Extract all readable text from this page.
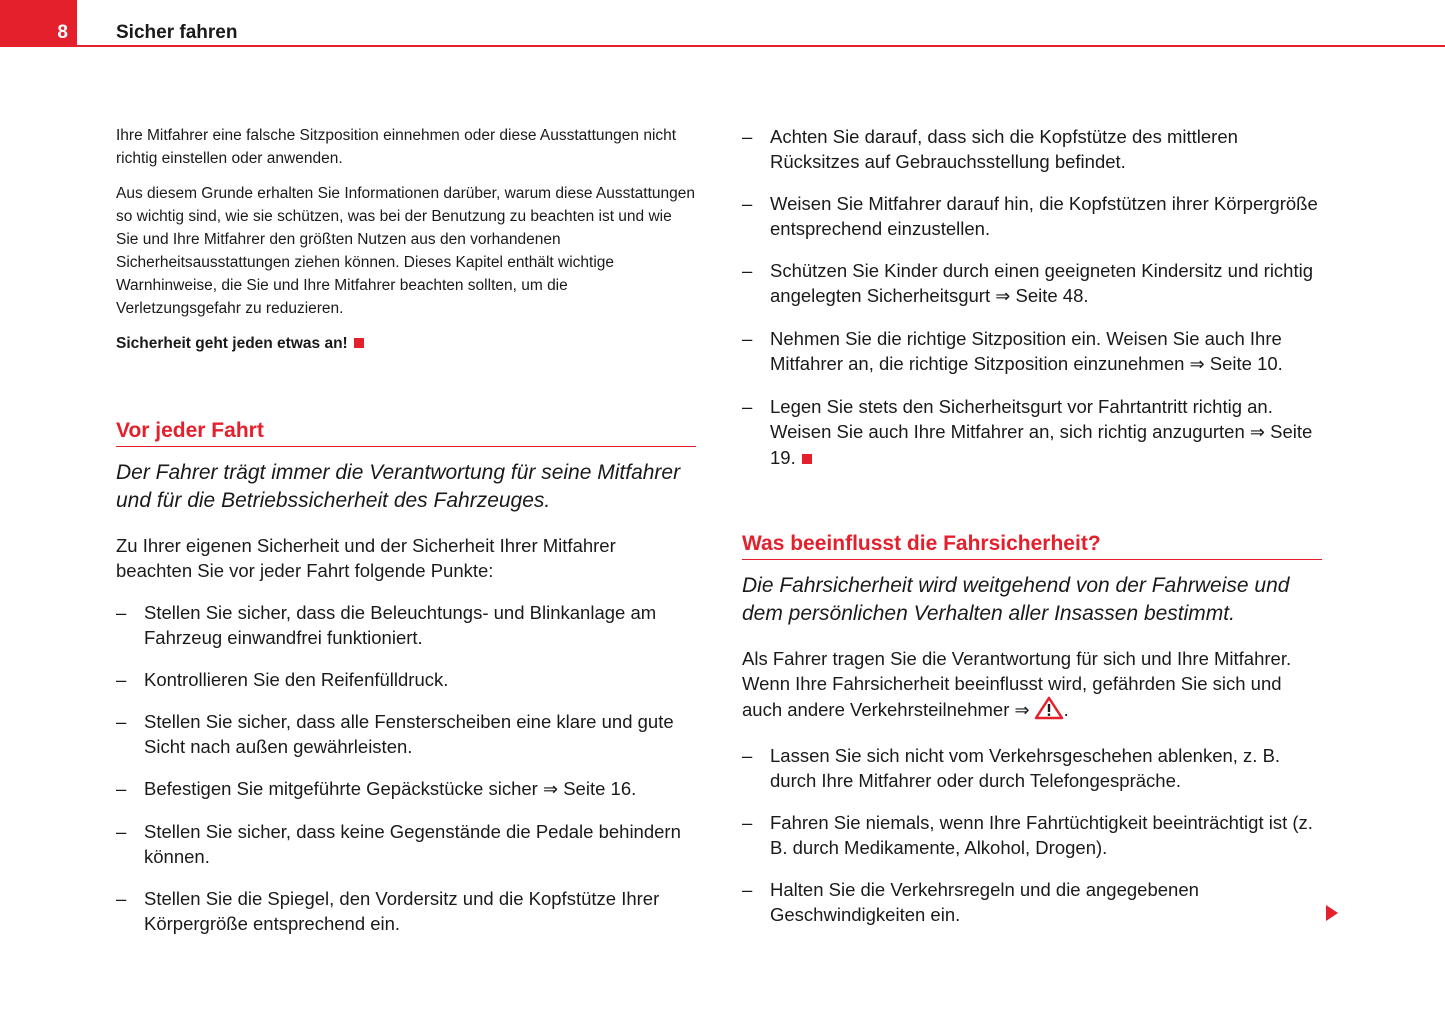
8	Sicher fahren

Ihre Mitfahrer eine falsche Sitzposition einnehmen oder diese Ausstattungen nicht richtig einstellen oder anwenden.

Aus diesem Grunde erhalten Sie Informationen darüber, warum diese Ausstattungen so wichtig sind, wie sie schützen, was bei der Benutzung zu beachten ist und wie Sie und Ihre Mitfahrer den größten Nutzen aus den vorhandenen Sicherheitsausstattungen ziehen können. Dieses Kapitel enthält wichtige Warnhinweise, die Sie und Ihre Mitfahrer beachten sollten, um die Verletzungsgefahr zu reduzieren.

Sicherheit geht jeden etwas an!

Vor jeder Fahrt

Der Fahrer trägt immer die Verantwortung für seine Mitfahrer und für die Betriebssicherheit des Fahrzeuges.

Zu Ihrer eigenen Sicherheit und der Sicherheit Ihrer Mitfahrer beachten Sie vor jeder Fahrt folgende Punkte:

– Stellen Sie sicher, dass die Beleuchtungs- und Blinkanlage am Fahrzeug einwandfrei funktioniert.
– Kontrollieren Sie den Reifenfülldruck.
– Stellen Sie sicher, dass alle Fensterscheiben eine klare und gute Sicht nach außen gewährleisten.
– Befestigen Sie mitgeführte Gepäckstücke sicher ⇒ Seite 16.
– Stellen Sie sicher, dass keine Gegenstände die Pedale behindern können.
– Stellen Sie die Spiegel, den Vordersitz und die Kopfstütze Ihrer Körpergröße entsprechend ein.
– Achten Sie darauf, dass sich die Kopfstütze des mittleren Rücksitzes auf Gebrauchsstellung befindet.
– Weisen Sie Mitfahrer darauf hin, die Kopfstützen ihrer Körpergröße entsprechend einzustellen.
– Schützen Sie Kinder durch einen geeigneten Kindersitz und richtig angelegten Sicherheitsgurt ⇒ Seite 48.
– Nehmen Sie die richtige Sitzposition ein. Weisen Sie auch Ihre Mitfahrer an, die richtige Sitzposition einzunehmen ⇒ Seite 10.
– Legen Sie stets den Sicherheitsgurt vor Fahrtantritt richtig an. Weisen Sie auch Ihre Mitfahrer an, sich richtig anzugurten ⇒ Seite 19.
Was beeinflusst die Fahrsicherheit?

Die Fahrsicherheit wird weitgehend von der Fahrweise und dem persönlichen Verhalten aller Insassen bestimmt.

Als Fahrer tragen Sie die Verantwortung für sich und Ihre Mitfahrer. Wenn Ihre Fahrsicherheit beeinflusst wird, gefährden Sie sich und auch andere Verkehrsteilnehmer ⇒ .

– Lassen Sie sich nicht vom Verkehrsgeschehen ablenken, z. B. durch Ihre Mitfahrer oder durch Telefongespräche.
– Fahren Sie niemals, wenn Ihre Fahrtüchtigkeit beeinträchtigt ist (z. B. durch Medikamente, Alkohol, Drogen).
– Halten Sie die Verkehrsregeln und die angegebenen Geschwindigkeiten ein.
